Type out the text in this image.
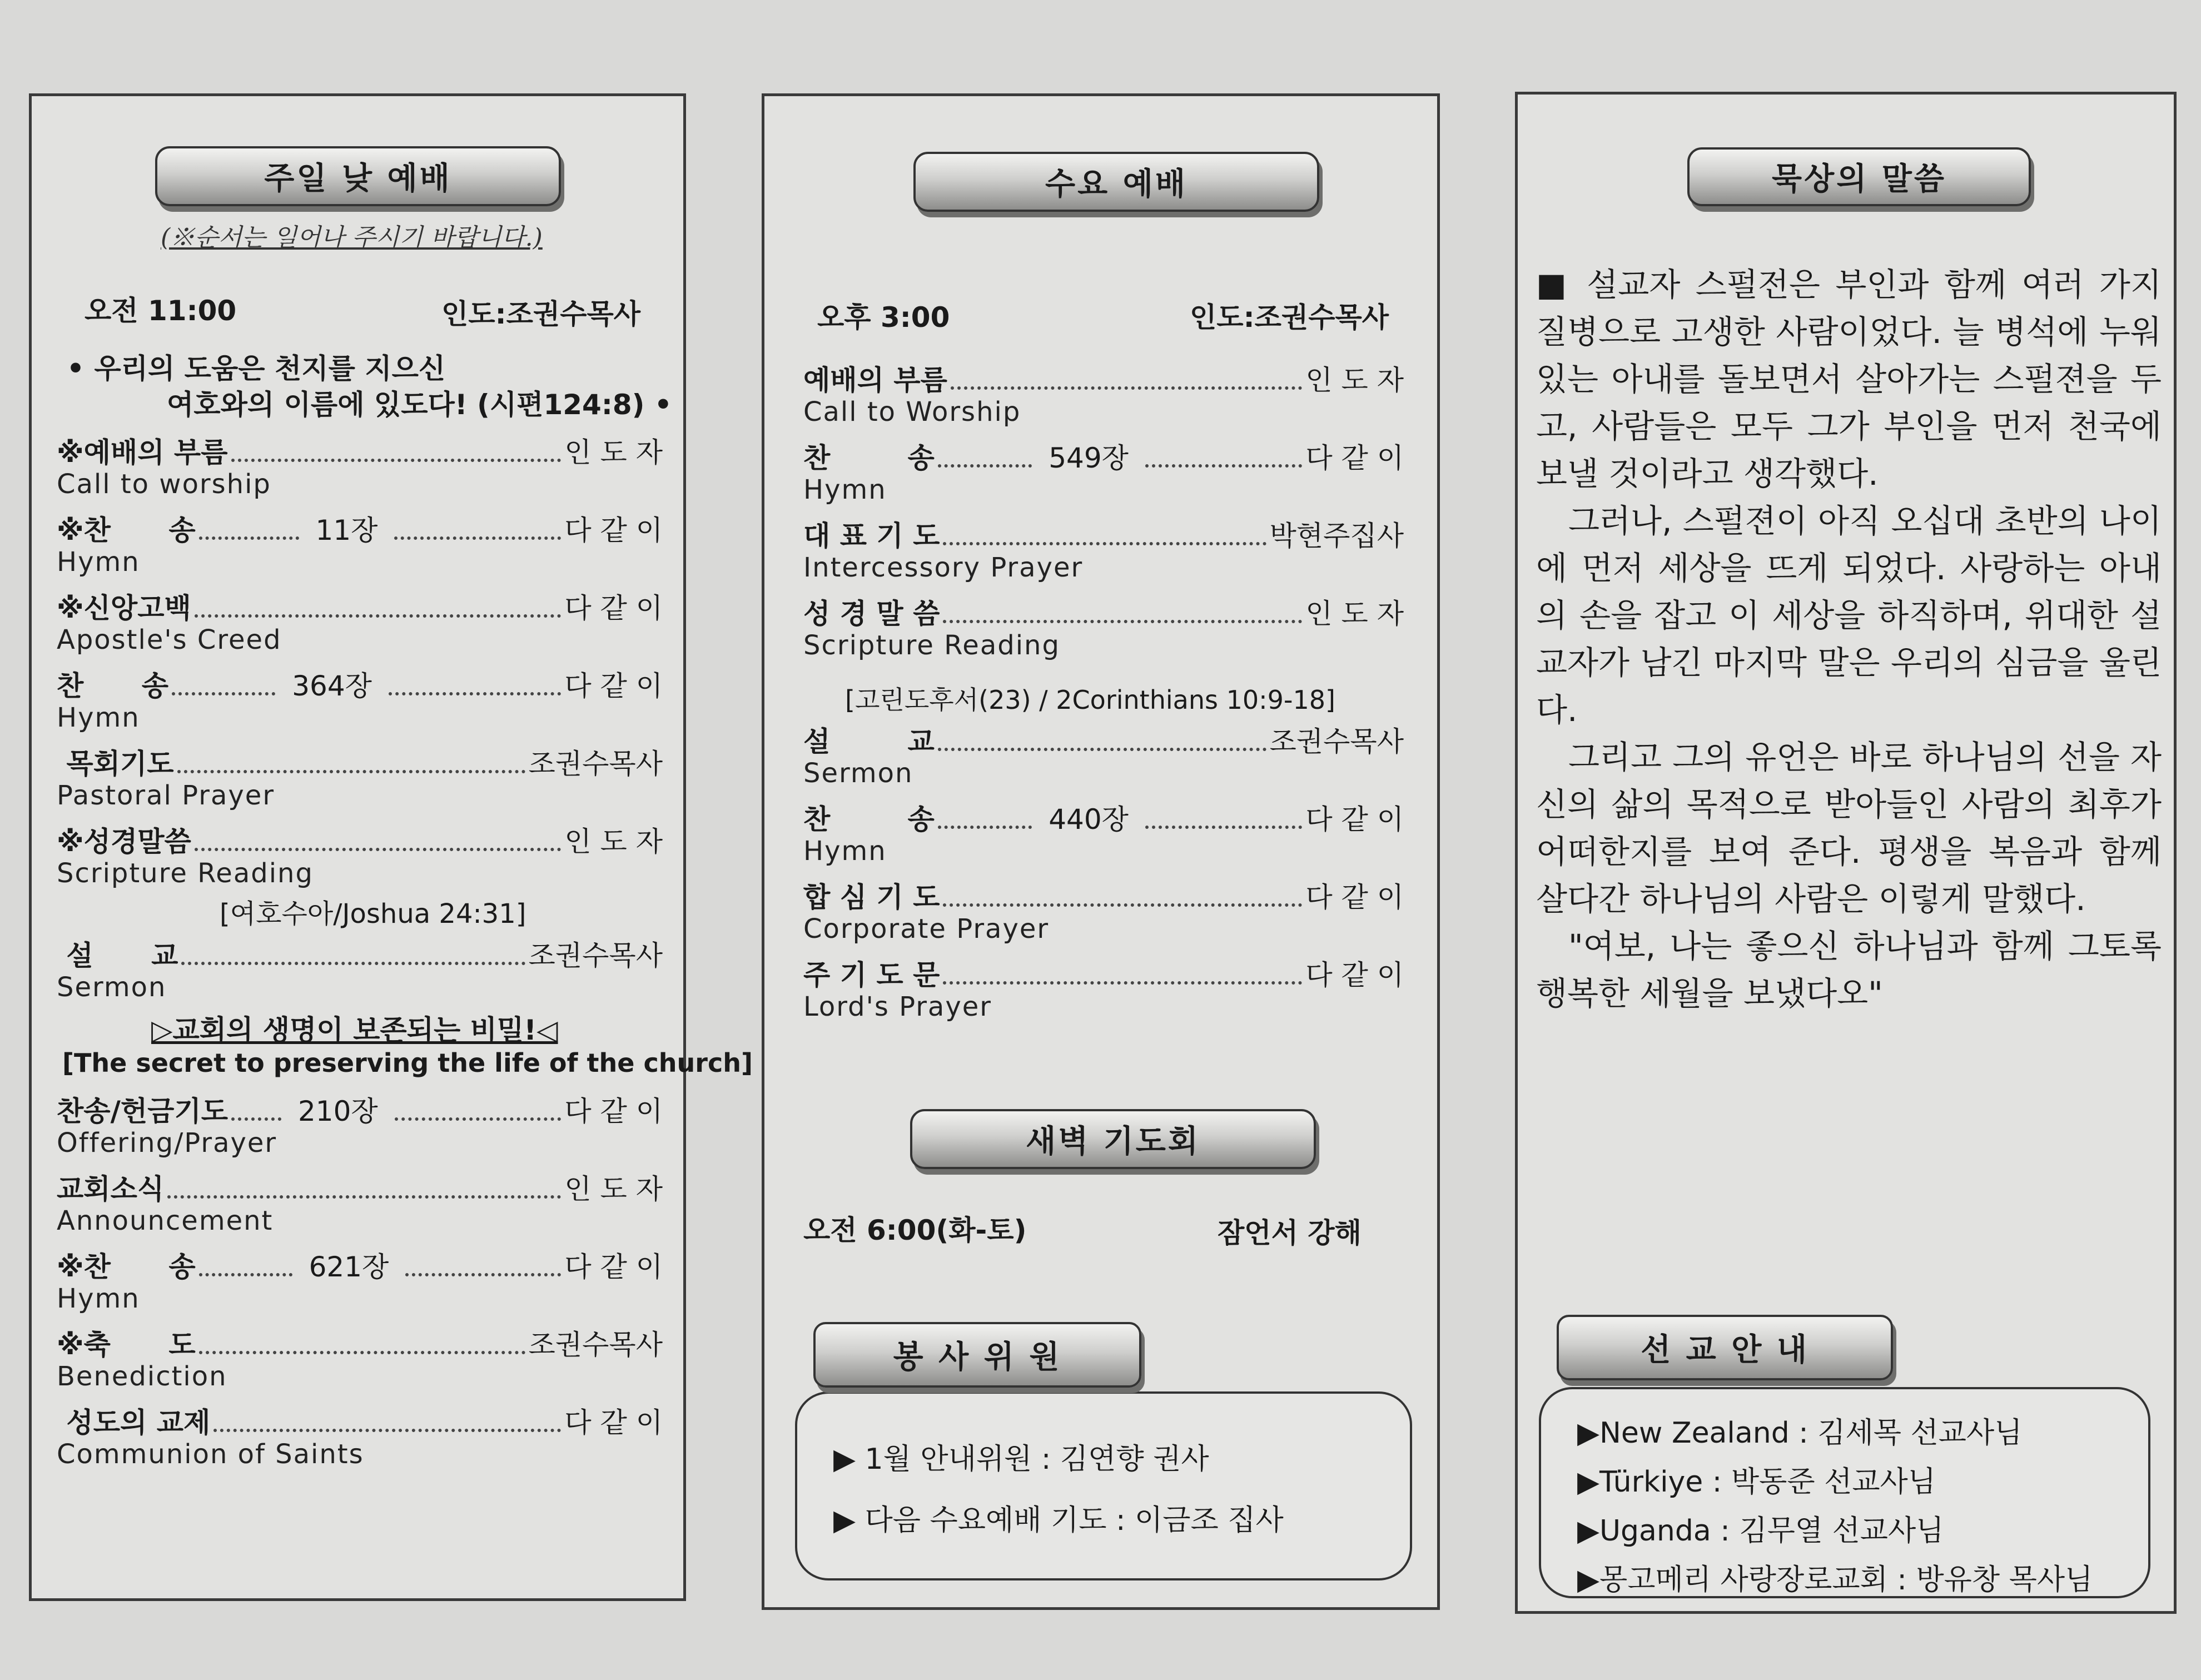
주일 낮 예배
(※순서는 일어나 주시기 바랍니다.)
오전 11:00	인도:조권수목사
• 우리의 도움은 천지를 지으신
여호와의 이름에 있도다! (시편124:8) •
※예배의 부름	인 도 자
Call to worship
※찬      송	11장	다 같 이
Hymn
※신앙고백	다 같 이
Apostle's Creed
찬      송	364장	다 같 이
Hymn
목회기도	조권수목사
Pastoral Prayer
※성경말씀	인 도 자
Scripture Reading
[여호수아/Joshua 24:31]
설      교	조권수목사
Sermon
▷교회의 생명이 보존되는 비밀!◁
[The secret to preserving the life of the church]
찬송/헌금기도	210장	다 같 이
Offering/Prayer
교회소식	인 도 자
Announcement
※찬      송	621장	다 같 이
Hymn
※축      도	조권수목사
Benediction
성도의 교제	다 같 이
Communion of Saints
수요 예배
오후 3:00	인도:조권수목사
예배의 부름	인 도 자
Call to Worship
찬        송	549장	다 같 이
Hymn
대 표 기 도	박현주집사
Intercessory Prayer
성 경 말 씀	인 도 자
Scripture Reading
[고린도후서(23) / 2Corinthians 10:9-18]
설        교	조권수목사
Sermon
찬        송	440장	다 같 이
Hymn
합 심 기 도	다 같 이
Corporate Prayer
주 기 도 문	다 같 이
Lord's Prayer
새벽 기도회
오전 6:00(화-토)	잠언서 강해
▶ 1월 안내위원 : 김연향 권사
▶ 다음 수요예배 기도 : 이금조 집사
봉 사 위 원
묵상의 말씀

■ 설교자 스펄전은 부인과 함께 여러 가지 질병으로 고생한 사람이었다. 늘 병석에 누워 있는 아내를 돌보면서 살아가는 스펄젼을 두고, 사람들은 모두 그가 부인을 먼저 천국에 보낼 것이라고 생각했다.

그러나, 스펄젼이 아직 오십대 초반의 나이에 먼저 세상을 뜨게 되었다. 사랑하는 아내의 손을 잡고 이 세상을 하직하며, 위대한 설교자가 남긴 마지막 말은 우리의 심금을 울린다.

그리고 그의 유언은 바로 하나님의 선을 자신의 삶의 목적으로 받아들인 사람의 최후가 어떠한지를 보여 준다. 평생을 복음과 함께 살다간 하나님의 사람은 이렇게 말했다.

"여보, 나는 좋으신 하나님과 함께 그토록 행복한 세월을 보냈다오"

▶New Zealand : 김세목 선교사님
▶Türkiye : 박동준 선교사님
▶Uganda : 김무열 선교사님
▶몽고메리 사랑장로교회 : 방유창 목사님
선 교 안 내
